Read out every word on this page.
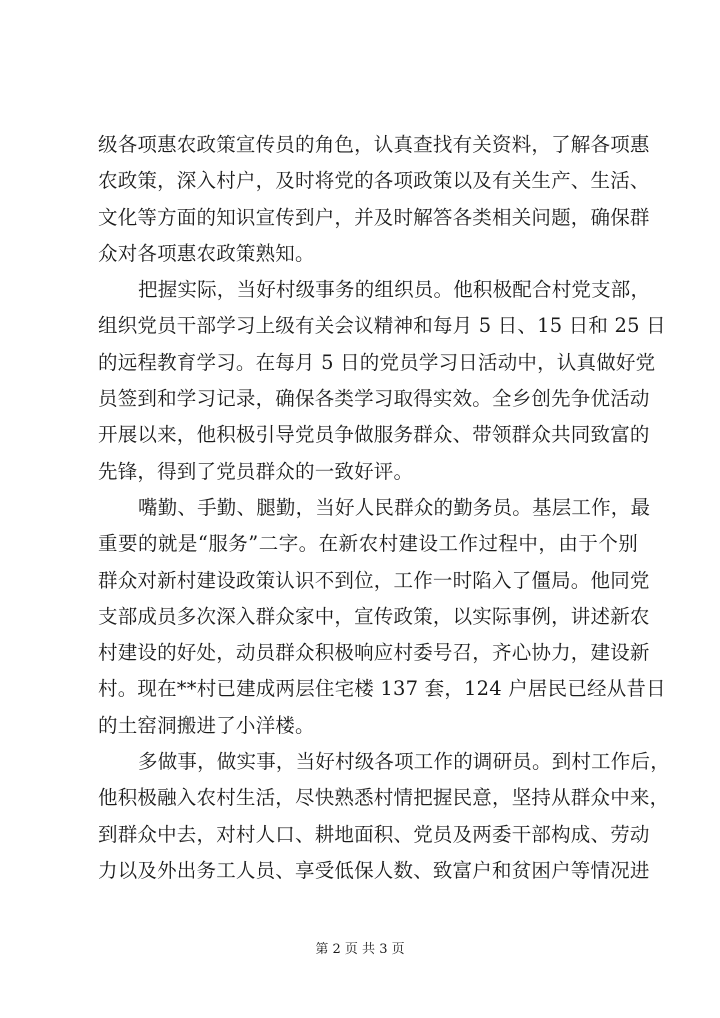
级各项惠农政策宣传员的角色，认真查找有关资料，了解各项惠
农政策，深入村户，及时将党的各项政策以及有关生产、生活、
文化等方面的知识宣传到户，并及时解答各类相关问题，确保群
众对各项惠农政策熟知。
把握实际，当好村级事务的组织员。他积极配合村党支部，
组织党员干部学习上级有关会议精神和每月 5 日、15 日和 25 日
的远程教育学习。在每月 5 日的党员学习日活动中，认真做好党
员签到和学习记录，确保各类学习取得实效。全乡创先争优活动
开展以来，他积极引导党员争做服务群众、带领群众共同致富的
先锋，得到了党员群众的一致好评。
嘴勤、手勤、腿勤，当好人民群众的勤务员。基层工作，最
重要的就是“服务”二字。在新农村建设工作过程中，由于个别
群众对新村建设政策认识不到位，工作一时陷入了僵局。他同党
支部成员多次深入群众家中，宣传政策，以实际事例，讲述新农
村建设的好处，动员群众积极响应村委号召，齐心协力，建设新
村。现在**村已建成两层住宅楼 137 套，124 户居民已经从昔日
的土窑洞搬进了小洋楼。
多做事，做实事，当好村级各项工作的调研员。到村工作后，
他积极融入农村生活，尽快熟悉村情把握民意，坚持从群众中来，
到群众中去，对村人口、耕地面积、党员及两委干部构成、劳动
力以及外出务工人员、享受低保人数、致富户和贫困户等情况进
第 2 页 共 3 页
